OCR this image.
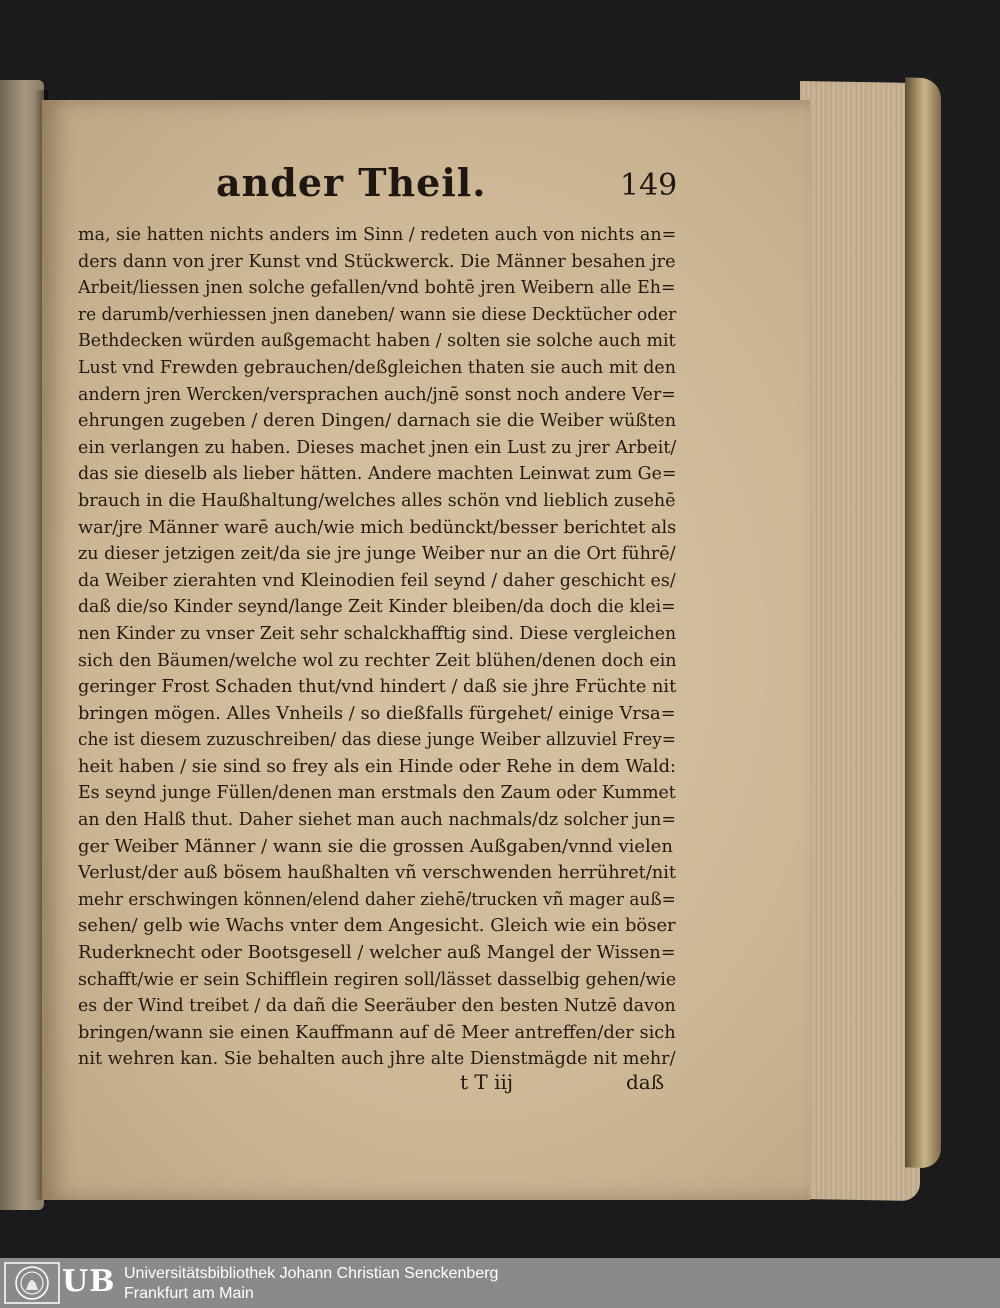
ander Theil.	149
ma, sie hatten nichts anders im Sinn / redeten auch von nichts an=
ders dann von jrer Kunst vnd Stückwerck. Die Männer besahen jre
Arbeit/liessen jnen solche gefallen/vnd bohtē jren Weibern alle Eh=
re darumb/verhiessen jnen daneben/ wann sie diese Decktücher oder
Bethdecken würden außgemacht haben / solten sie solche auch mit
Lust vnd Frewden gebrauchen/deßgleichen thaten sie auch mit den
andern jren Wercken/versprachen auch/jnē sonst noch andere Ver=
ehrungen zugeben / deren Dingen/ darnach sie die Weiber wüßten
ein verlangen zu haben. Dieses machet jnen ein Lust zu jrer Arbeit/
das sie dieselb als lieber hätten. Andere machten Leinwat zum Ge=
brauch in die Haußhaltung/welches alles schön vnd lieblich zusehē
war/jre Männer warē auch/wie mich bedünckt/besser berichtet als
zu dieser jetzigen zeit/da sie jre junge Weiber nur an die Ort führē/
da Weiber zierahten vnd Kleinodien feil seynd / daher geschicht es/
daß die/so Kinder seynd/lange Zeit Kinder bleiben/da doch die klei=
nen Kinder zu vnser Zeit sehr schalckhafftig sind. Diese vergleichen
sich den Bäumen/welche wol zu rechter Zeit blühen/denen doch ein
geringer Frost Schaden thut/vnd hindert / daß sie jhre Früchte nit
bringen mögen. Alles Vnheils / so dießfalls fürgehet/ einige Vrsa=
che ist diesem zuzuschreiben/ das diese junge Weiber allzuviel Frey=
heit haben / sie sind so frey als ein Hinde oder Rehe in dem Wald:
Es seynd junge Füllen/denen man erstmals den Zaum oder Kummet
an den Halß thut. Daher siehet man auch nachmals/dz solcher jun=
ger Weiber Männer / wann sie die grossen Außgaben/vnnd vielen
Verlust/der auß bösem haußhalten vñ verschwenden herrühret/nit
mehr erschwingen können/elend daher ziehē/trucken vñ mager auß=
sehen/ gelb wie Wachs vnter dem Angesicht. Gleich wie ein böser
Ruderknecht oder Bootsgesell / welcher auß Mangel der Wissen=
schafft/wie er sein Schifflein regiren soll/lässet dasselbig gehen/wie
es der Wind treibet / da dañ die Seeräuber den besten Nutzē davon
bringen/wann sie einen Kauffmann auf dē Meer antreffen/der sich
nit wehren kan. Sie behalten auch jhre alte Dienstmägde nit mehr/
t T iij	daß
UB Universitätsbibliothek Johann Christian Senckenberg
Frankfurt am Main
